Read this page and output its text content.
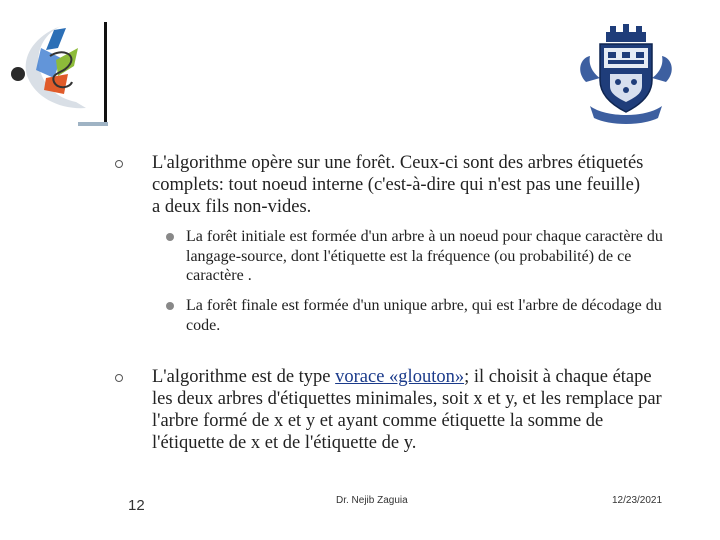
L'algorithme opère sur une forêt. Ceux-ci sont des arbres étiquetés complets: tout noeud interne (c'est-à-dire qui n'est pas une feuille) a deux fils non-vides.
La forêt initiale est formée d'un arbre à un noeud pour chaque caractère du langage-source, dont l'étiquette est la fréquence (ou probabilité) de ce caractère .
La forêt finale est formée d'un unique arbre, qui est l'arbre de décodage du code.
L'algorithme est de type vorace «glouton»; il choisit à chaque étape les deux arbres d'étiquettes minimales, soit x et y, et les remplace par l'arbre formé de x et y et ayant comme étiquette la somme de l'étiquette de x et de l'étiquette de y.
12	Dr. Nejib Zaguia	12/23/2021
